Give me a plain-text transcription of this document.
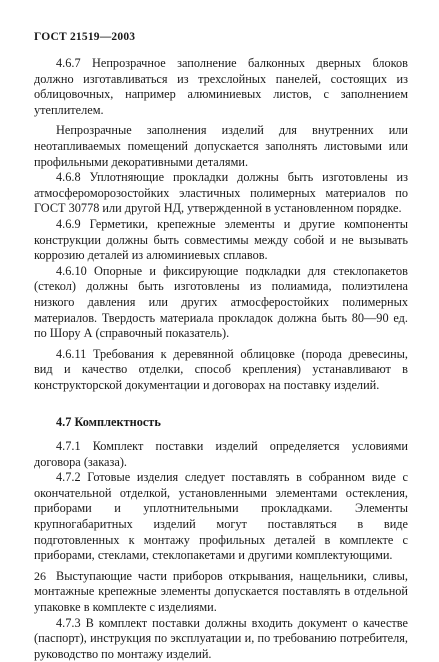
ГОСТ 21519—2003

4.6.7 Непрозрачное заполнение балконных дверных блоков должно изготавливаться из трехслойных панелей, состоящих из облицовочных, например алюминиевых листов, с заполнением утеплителем.

Непрозрачные заполнения изделий для внутренних или неотапливаемых помещений допускается заполнять листовыми или профильными декоративными деталями.

4.6.8 Уплотняющие прокладки должны быть изготовлены из атмосфероморозостойких эластичных полимерных материалов по ГОСТ 30778 или другой НД, утвержденной в установленном порядке.

4.6.9 Герметики, крепежные элементы и другие компоненты конструкции должны быть совместимы между собой и не вызывать коррозию деталей из алюминиевых сплавов.

4.6.10 Опорные и фиксирующие подкладки для стеклопакетов (стекол) должны быть изготовлены из полиамида, полиэтилена низкого давления или других атмосферостойких полимерных материалов. Твердость материала прокладок должна быть 80—90 ед. по Шору А (справочный показатель).

4.6.11 Требования к деревянной облицовке (порода древесины, вид и качество отделки, способ крепления) устанавливают в конструкторской документации и договорах на поставку изделий.

4.7 Комплектность

4.7.1 Комплект поставки изделий определяется условиями договора (заказа).

4.7.2 Готовые изделия следует поставлять в собранном виде с окончательной отделкой, установленными элементами остекления, приборами и уплотнительными прокладками. Элементы крупногабаритных изделий могут поставляться в виде подготовленных к монтажу профильных деталей в комплекте с приборами, стеклами, стеклопакетами и другими комплектующими.

Выступающие части приборов открывания, нащельники, сливы, монтажные крепежные элементы допускается поставлять в отдельной упаковке в комплекте с изделиями.

4.7.3 В комплект поставки должны входить документ о качестве (паспорт), инструкция по эксплуатации и, по требованию потребителя, руководство по монтажу изделий.

26
